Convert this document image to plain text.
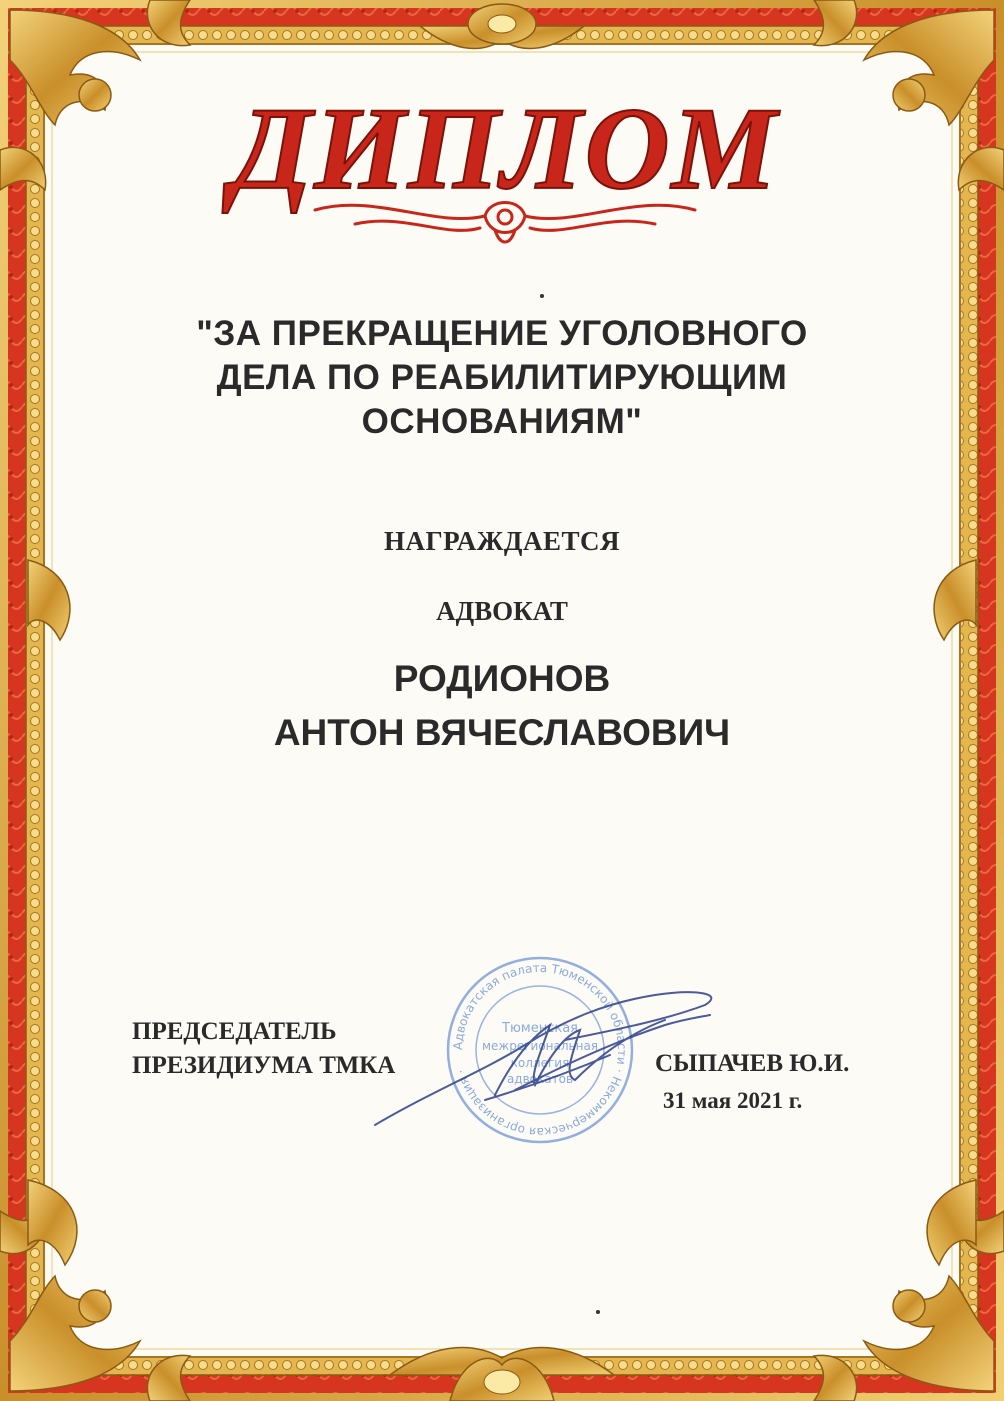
ДИПЛОМ
"ЗА ПРЕКРАЩЕНИЕ УГОЛОВНОГО
ДЕЛА ПО РЕАБИЛИТИРУЮЩИМ
ОСНОВАНИЯМ"
НАГРАЖДАЕТСЯ
АДВОКАТ
РОДИОНОВ
АНТОН ВЯЧЕСЛАВОВИЧ
Адвокатская палата Тюменской области · Некоммерческая организация ·
Тюменская
межрегиональная
коллегия
адвокатов
ПРЕДСЕДАТЕЛЬ
ПРЕЗИДИУМА ТМКА	СЫПАЧЕВ Ю.И.
31 мая 2021 г.
